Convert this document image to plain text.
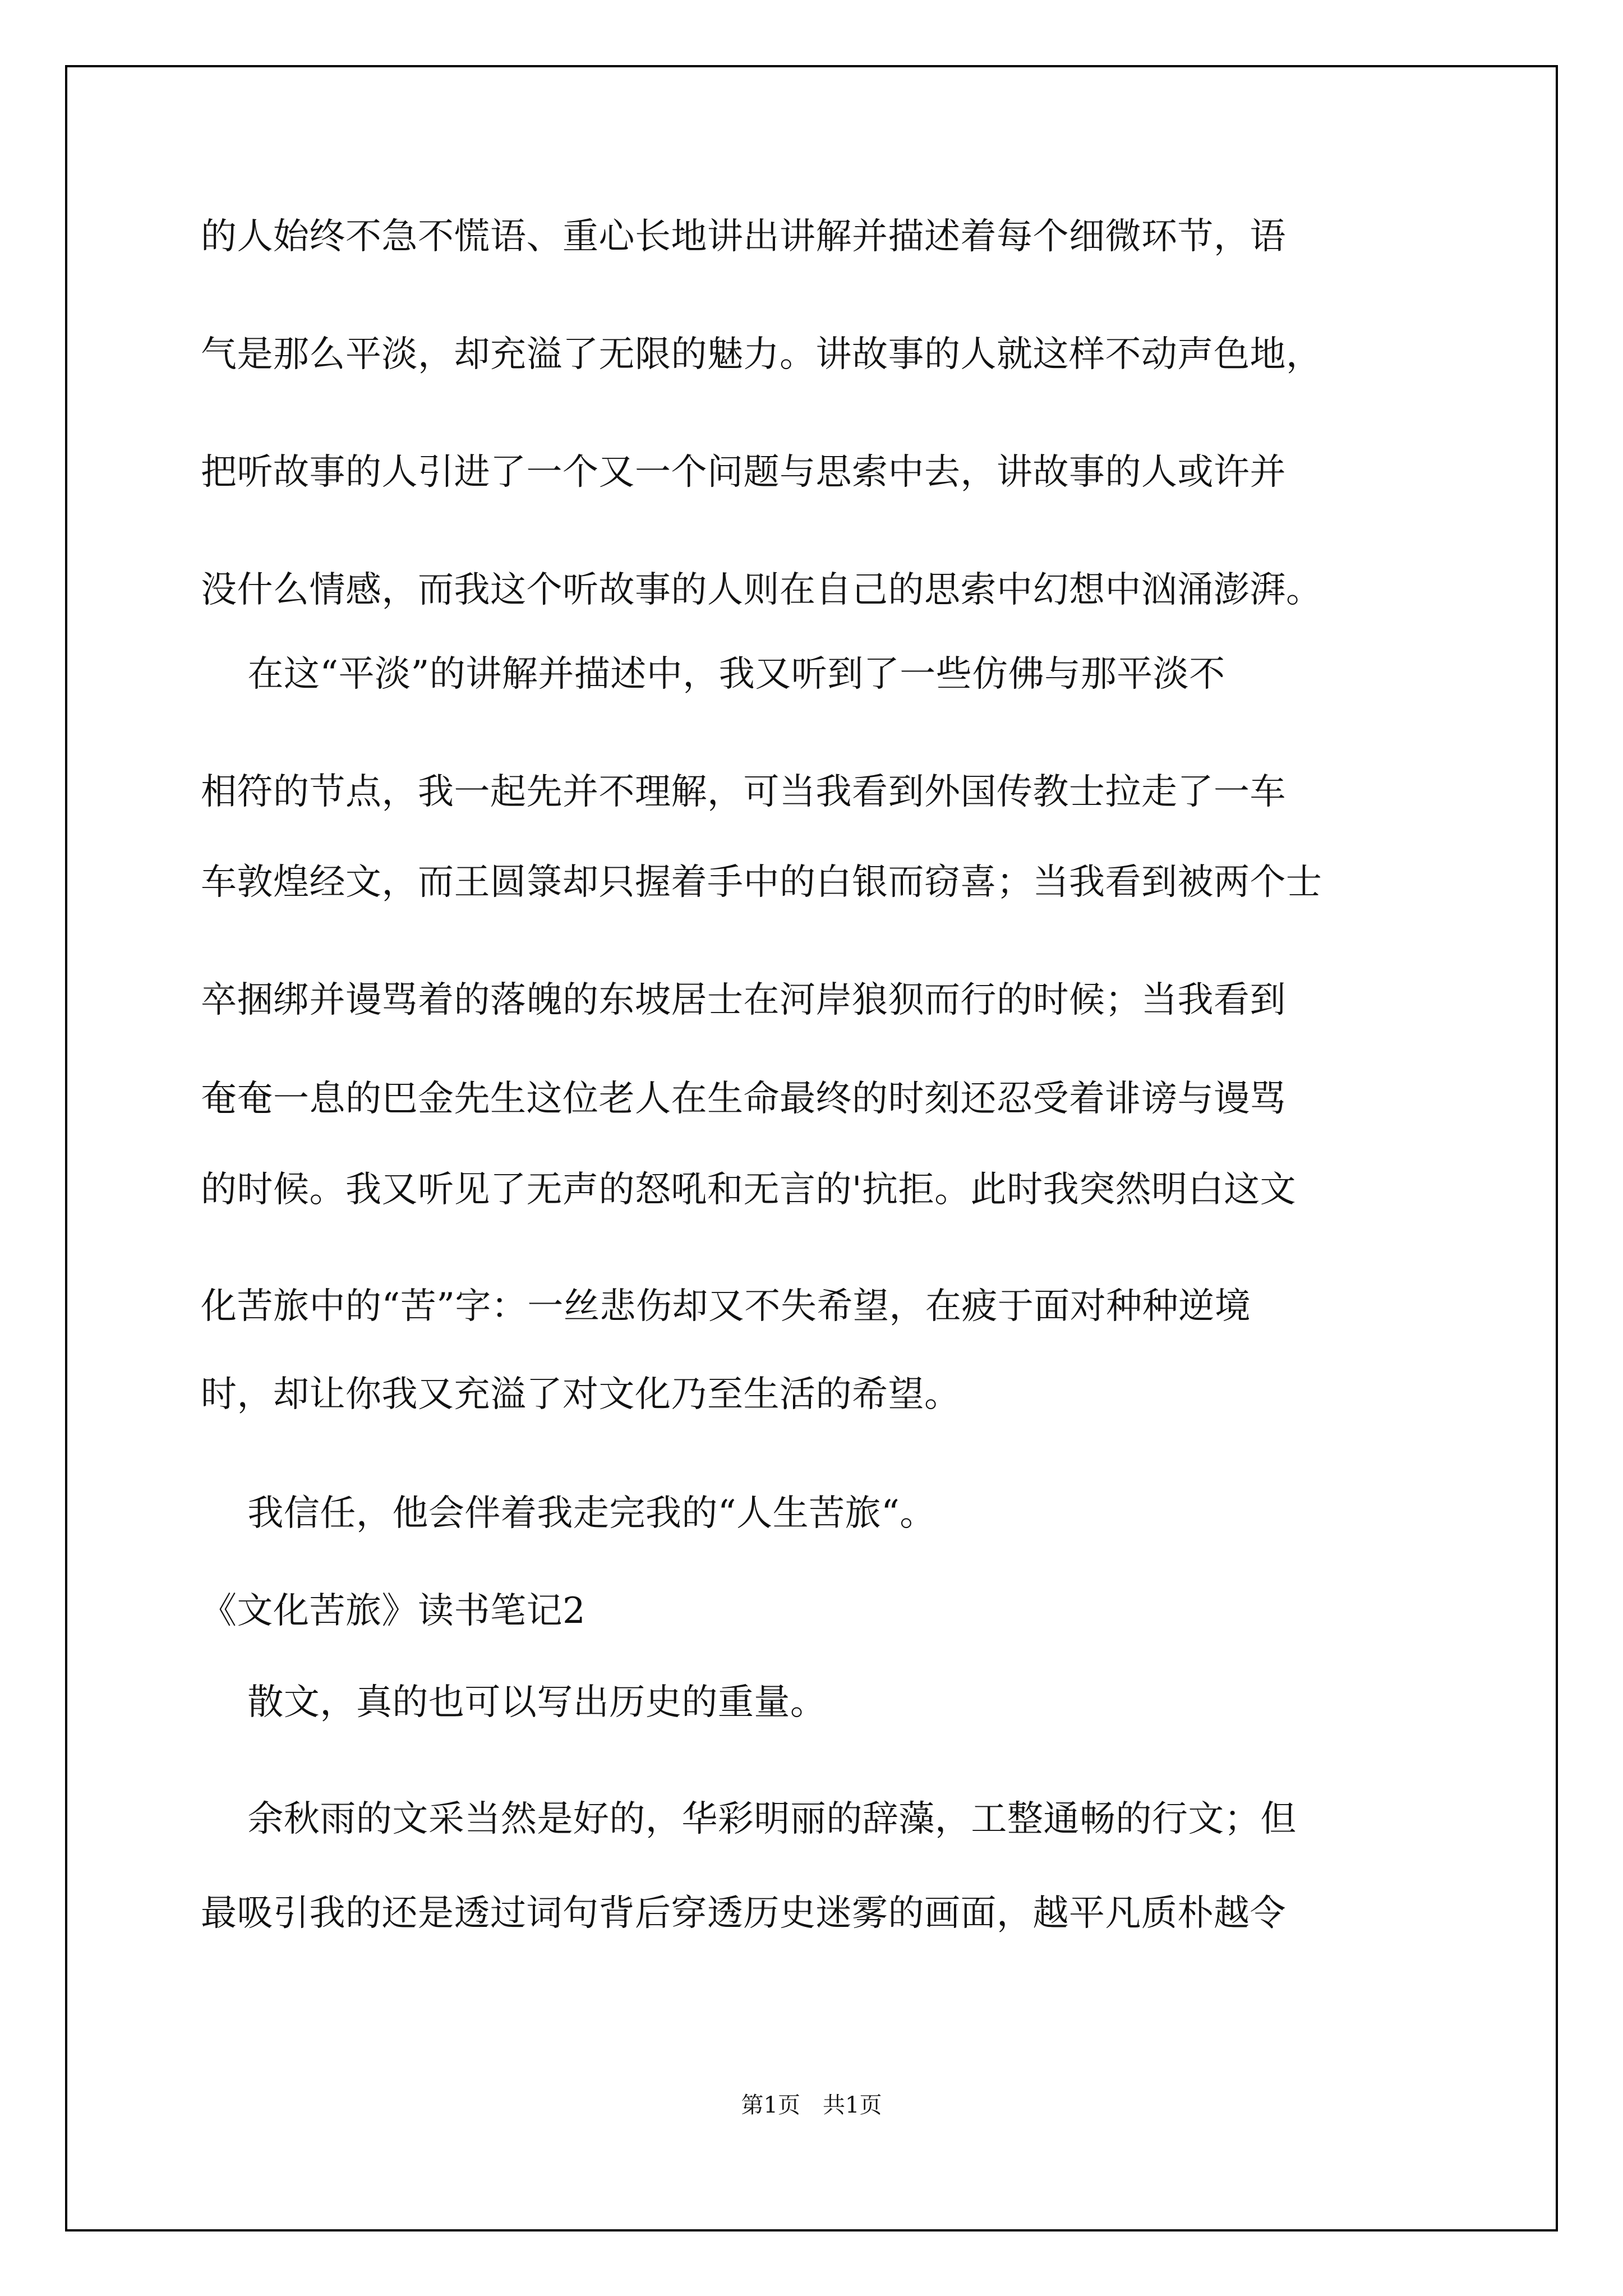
的人始终不急不慌语、重心长地讲出讲解并描述着每个细微环节，语
气是那么平淡，却充溢了无限的魅力。讲故事的人就这样不动声色地，
把听故事的人引进了一个又一个问题与思索中去，讲故事的人或许并
没什么情感，而我这个听故事的人则在自己的思索中幻想中汹涌澎湃。
在这“平淡”的讲解并描述中，我又听到了一些仿佛与那平淡不
相符的节点，我一起先并不理解，可当我看到外国传教士拉走了一车
车敦煌经文，而王圆箓却只握着手中的白银而窃喜；当我看到被两个士
卒捆绑并谩骂着的落魄的东坡居士在河岸狼狈而行的时候；当我看到
奄奄一息的巴金先生这位老人在生命最终的时刻还忍受着诽谤与谩骂
的时候。我又听见了无声的怒吼和无言的'抗拒。此时我突然明白这文
化苦旅中的“苦”字：一丝悲伤却又不失希望，在疲于面对种种逆境
时，却让你我又充溢了对文化乃至生活的希望。
我信任，他会伴着我走完我的“人生苦旅“。
《文化苦旅》读书笔记2
散文，真的也可以写出历史的重量。
余秋雨的文采当然是好的，华彩明丽的辞藻，工整通畅的行文；但
最吸引我的还是透过词句背后穿透历史迷雾的画面，越平凡质朴越令
第1页　共1页
